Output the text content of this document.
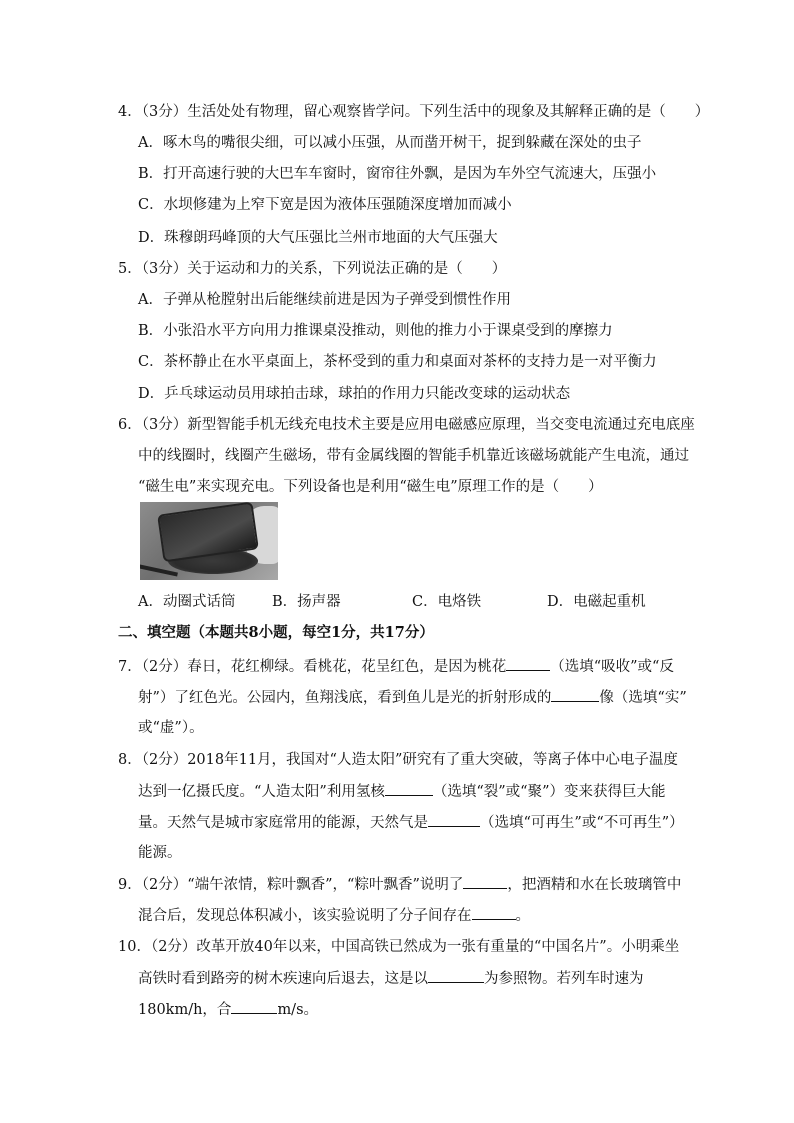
4．（3分）生活处处有物理，留心观察皆学问。下列生活中的现象及其解释正确的是（　　）
A．啄木鸟的嘴很尖细，可以减小压强，从而凿开树干，捉到躲藏在深处的虫子
B．打开高速行驶的大巴车车窗时，窗帘往外飘，是因为车外空气流速大，压强小
C．水坝修建为上窄下宽是因为液体压强随深度增加而减小
D．珠穆朗玛峰顶的大气压强比兰州市地面的大气压强大
5．（3分）关于运动和力的关系，下列说法正确的是（　　）
A．子弹从枪膛射出后能继续前进是因为子弹受到惯性作用
B．小张沿水平方向用力推课桌没推动，则他的推力小于课桌受到的摩擦力
C．茶杯静止在水平桌面上，茶杯受到的重力和桌面对茶杯的支持力是一对平衡力
D．乒乓球运动员用球拍击球，球拍的作用力只能改变球的运动状态
6．（3分）新型智能手机无线充电技术主要是应用电磁感应原理，当交变电流通过充电底座
中的线圈时，线圈产生磁场，带有金属线圈的智能手机靠近该磁场就能产生电流，通过
“磁生电”来实现充电。下列设备也是利用“磁生电”原理工作的是（　　）
A．动圈式话筒	B．扬声器	C．电烙铁	D．电磁起重机
二、填空题（本题共8小题，每空1分，共17分）
7．（2分）春日，花红柳绿。看桃花，花呈红色，是因为桃花	（选填“吸收”或“反
射”）了红色光。公园内，鱼翔浅底，看到鱼儿是光的折射形成的	像（选填“实”
或“虚”）。
8．（2分）2018年11月，我国对“人造太阳”研究有了重大突破，等离子体中心电子温度
达到一亿摄氏度。“人造太阳”利用氢核	（选填“裂”或“聚”）变来获得巨大能
量。天然气是城市家庭常用的能源，天然气是	（选填“可再生”或“不可再生”）
能源。
9．（2分）“端午浓情，粽叶飘香”，“粽叶飘香”说明了	，把酒精和水在长玻璃管中
混合后，发现总体积减小，该实验说明了分子间存在	。
10．（2分）改革开放40年以来，中国高铁已然成为一张有重量的“中国名片”。小明乘坐
高铁时看到路旁的树木疾速向后退去，这是以	为参照物。若列车时速为
180km/h，合	m/s。
